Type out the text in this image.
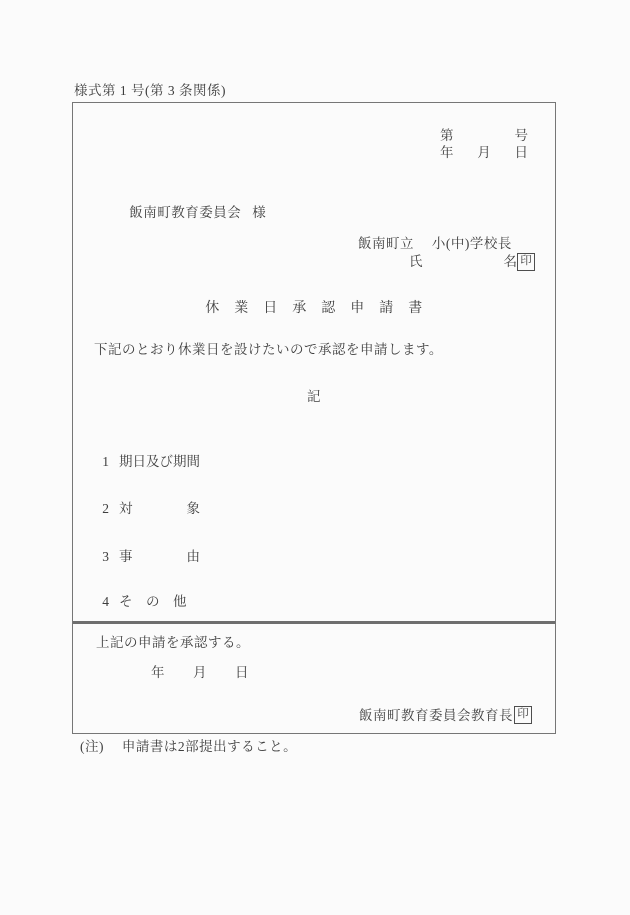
様式第 1 号(第 3 条関係)

第	号

年 月 日

飯南町教育委員会 様

飯南町立　 小(中)学校長

氏	名

印

休　業　日　承　認　申　請　書

下記のとおり休業日を設けたいので承認を申請します。

記

1 期日及び期間

2 対　　　　象

3 事　　　　由

4 そ　の　他

上記の申請を承認する。

年　　月　　日

飯南町教育委員会教育長

印

(注)　 申請書は2部提出すること。
